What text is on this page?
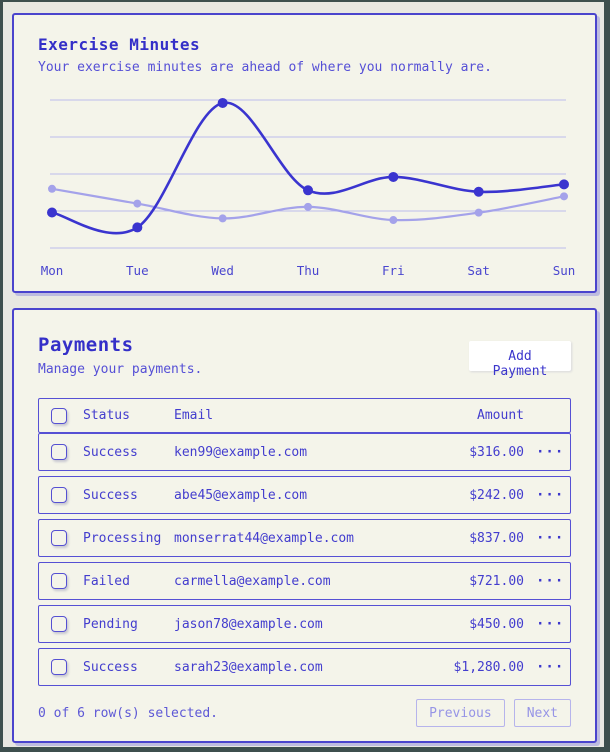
Exercise Minutes

Your exercise minutes are ahead of where you normally are.

Mon	Tue	Wed	Thu	Fri	Sat	Sun
Payments

Manage your payments.

Add Payment
Status	Email	Amount
Success	ken99@example.com	$316.00 ···
Success	abe45@example.com	$242.00 ···
Processing monserrat44@example.com	$837.00 ···
Failed	carmella@example.com	$721.00 ···
Pending	jason78@example.com	$450.00 ···
Success	sarah23@example.com	$1,280.00 ···
0 of 6 row(s) selected.	Previous	Next
